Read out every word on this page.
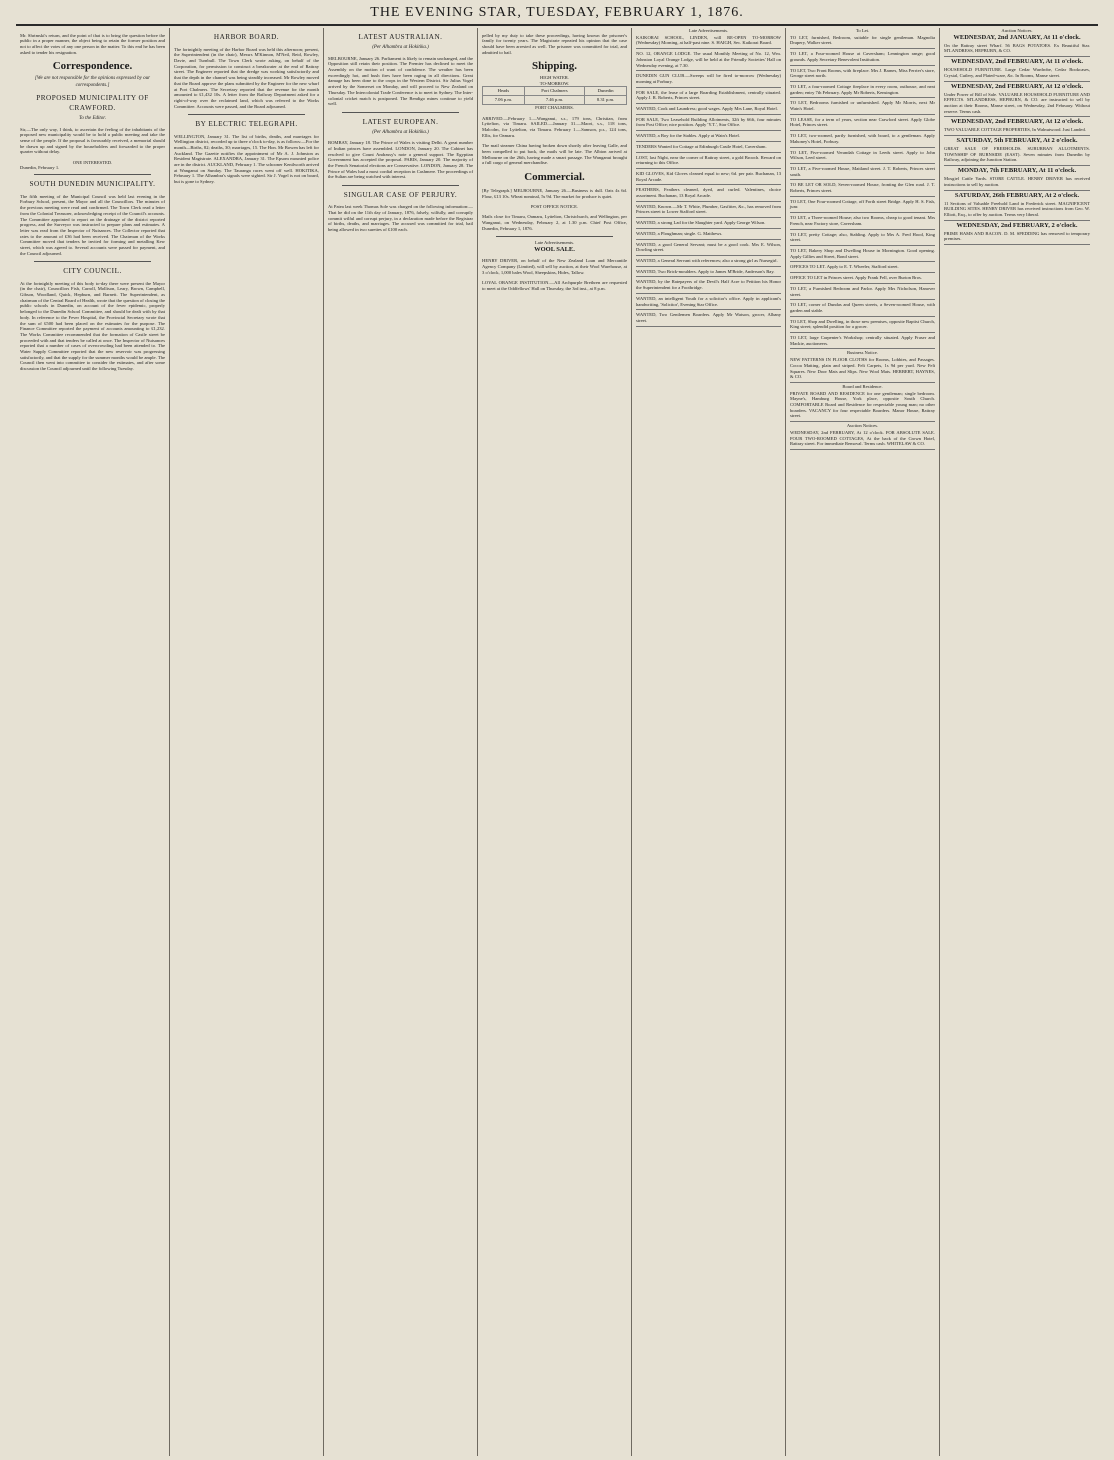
THE EVENING STAR, TUESDAY, FEBRUARY 1, 1876.

Mr. Shrimski's return, and the point of that is to bring the question before the public in a proper manner, the object being to retain the former position and not to affect the votes of any one person in the matter. To this end he has been asked to tender his resignation.

Correspondence.

[We are not responsible for the opinions expressed by our correspondents.]

PROPOSED MUNICIPALITY OF CRAWFORD.
To the Editor.

Sir,—The only way, I think, to ascertain the feeling of the inhabitants of the proposed new municipality would be to hold a public meeting and take the sense of the people. If the proposal is favourably received, a memorial should be drawn up and signed by the householders and forwarded to the proper quarter without delay.

ONE INTERESTED.
Dunedin, February 1.
SOUTH DUNEDIN MUNICIPALITY.

The fifth meeting of the Municipal Council was held last evening in the Forbury School, present, the Mayor and all the Councillors. The minutes of the previous meeting were read and confirmed. The Town Clerk read a letter from the Colonial Treasurer, acknowledging receipt of the Council's accounts. The Committee appointed to report on the drainage of the district reported progress, and the Surveyor was instructed to prepare plans and estimates. A letter was read from the Inspector of Nuisances. The Collector reported that rates to the amount of £36 had been received. The Chairman of the Works Committee moved that tenders be invited for forming and metalling Kew street, which was agreed to. Several accounts were passed for payment, and the Council adjourned.

CITY COUNCIL.

At the fortnightly meeting of this body to-day there were present the Mayor (in the chair), Councillors Fish, Carroll, Mollison, Leary, Brown, Campbell, Gibson, Woodland, Quick, Hepburn, and Barnett. The Superintendent, as chairman of the Central Board of Health, wrote that the question of closing the public schools in Dunedin, on account of the fever epidemic, properly belonged to the Dunedin School Committee, and should be dealt with by that body. In reference to the Fever Hospital, the Provincial Secretary wrote that the sum of £500 had been placed on the estimates for the purpose. The Finance Committee reported the payment of accounts amounting to £1,232. The Works Committee recommended that the formation of Castle street be proceeded with and that tenders be called at once. The Inspector of Nuisances reported that a number of cases of overcrowding had been attended to. The Water Supply Committee reported that the new reservoir was progressing satisfactorily, and that the supply for the summer months would be ample. The Council then went into committee to consider the estimates, and after some discussion the Council adjourned until the following Tuesday.

HARBOR BOARD.

The fortnightly meeting of the Harbor Board was held this afternoon; present, the Superintendent (in the chair), Messrs M'Kinnon, M'Neil, Reid, Rowley, Davie, and Turnbull. The Town Clerk wrote asking, on behalf of the Corporation, for permission to construct a breakwater at the end of Rattray street. The Engineer reported that the dredge was working satisfactorily and that the depth in the channel was being steadily increased. Mr Rowley moved that the Board approve the plans submitted by the Engineer for the new wharf at Port Chalmers. The Secretary reported that the revenue for the month amounted to £1,432 10s. A letter from the Railway Department asked for a right-of-way over the reclaimed land, which was referred to the Works Committee. Accounts were passed, and the Board adjourned.

BY ELECTRIC TELEGRAPH.

WELLINGTON, January 31. The list of births, deaths, and marriages for Wellington district, recorded up to three o'clock to-day, is as follows:—For the month—Births, 82; deaths, 30; marriages, 15. The Hon. Mr Bowen has left for Auckland. The Gazette notifies the appointment of Mr A. J. Johnston as Resident Magistrate. ALEXANDRA, January 31. The Epsom mounted police are in the district. AUCKLAND, February 1. The schooner Kenilworth arrived at Wanganui on Sunday. The Tauranga races went off well. HOKITIKA, February 1. The Alhambra's signals were sighted. Sir J. Vogel is not on board, but is gone to Sydney.

LATEST AUSTRALIAN.
(Per Alhambra at Hokitika.)

MELBOURNE, January 26. Parliament is likely to remain unchanged, and the Opposition still retain their position. The Premier has declined to meet the Assembly on the motion of want of confidence. The weather has been exceedingly hot, and bush fires have been raging in all directions. Great damage has been done to the crops in the Western District. Sir Julius Vogel arrived by the Somerset on Monday, and will proceed to New Zealand on Thursday. The Intercolonial Trade Conference is to meet in Sydney. The Inter-colonial cricket match is postponed. The Bendigo mines continue to yield well.

LATEST EUROPEAN.
(Per Alhambra at Hokitika.)

BOMBAY, January 18. The Prince of Wales is visiting Delhi. A great number of Indian princes have assembled. LONDON, January 20. The Cabinet has resolved to give Count Andrassy's note a general support. The Egyptian Government has accepted the proposal. PARIS, January 20. The majority of the French Senatorial elections are Conservative. LONDON, January 28. The Prince of Wales had a most cordial reception in Cashmere. The proceedings of the Sultan are being watched with interest.

SINGULAR CASE OF PERJURY.

At Patea last week Thomas Sole was charged on the following information:—That he did on the 11th day of January, 1876, falsely, wilfully, and corruptly commit wilful and corrupt perjury, in a declaration made before the Registrar of births, deaths, and marriages. The accused was committed for trial, bail being allowed in two sureties of £100 each.

pelled by my duty to take these proceedings, having known the prisoner's family for twenty years. The Magistrate repeated his opinion that the case should have been arrested as well. The prisoner was committed for trial, and admitted to bail.

Shipping.
HIGH WATER.
TO-MORROW.
Heads	Port Chalmers	Dunedin
7.06 p.m.	7.46 p.m.	8.31 p.m.
PORT CHALMERS.

ARRIVED.—February 1.—Wanganui, s.s., 179 tons, Christian, from Lyttelton, via Timaru. SAILED.—January 31.—Maori, s.s., 118 tons, Malcolm, for Lyttelton, via Timaru. February 1.—Samson, p.s., 124 tons, Ellis, for Oamaru.

The mail steamer China having broken down shortly after leaving Galle, and been compelled to put back, the mails will be late. The Albion arrived at Melbourne on the 26th, having made a smart passage. The Wanganui brought a full cargo of general merchandise.

Commercial.

[By Telegraph.] MELBOURNE, January 26.—Business is dull. Oats 4s 6d. Flour, £13 10s. Wheat nominal, 5s 9d. The market for produce is quiet.

POST OFFICE NOTICE.

Mails close for Timaru, Oamaru, Lyttelton, Christchurch, and Wellington, per Wanganui, on Wednesday, February 2, at 1.30 p.m. Chief Post Office, Dunedin, February 1, 1876.

Late Advertisements.
WOOL SALE.

HENRY DRIVER, on behalf of the New Zealand Loan and Mercantile Agency Company (Limited), will sell by auction, at their Wool Warehouse, at 3 o'clock, 1,000 bales Wool, Sheepskins, Hides, Tallow.

LOYAL ORANGE INSTITUTION.—All Archpurple Brethren are requested to meet at the Oddfellows' Hall on Thursday, the 3rd inst., at 8 p.m.

Late Advertisements.
KAIKORAI SCHOOL, LINDEN, will RE-OPEN TO-MORROW (Wednesday) Morning, at half-past nine. S. HAIGH, Sec. Kaikorai Board.
NO. 12, ORANGE LODGE. The usual Monthly Meeting of No. 12, Wm. Johnston Loyal Orange Lodge, will be held at the Friendly Societies' Hall on Wednesday evening, at 7.30.
DUNEDIN GUN CLUB.—Sweeps will be fired to-morrow (Wednesday) morning at Forbury.
FOR SALE, the lease of a large Boarding Establishment, centrally situated. Apply J. R. Roberts, Princes street.
WANTED, Cook and Laundress; good wages. Apply Mrs Lane, Royal Hotel.
FOR SALE, Two Leasehold Building Allotments, 32ft by 66ft, four minutes from Post Office; nice position. Apply 'Y.T.', Star Office.
WANTED, a Boy for the Stables. Apply at Wain's Hotel.
TENDERS Wanted for Cottage at Edinburgh Castle Hotel, Caversham.
LOST, last Night, near the corner of Rattray street, a gold Brooch. Reward on returning to this Office.
KID GLOVES, Kid Gloves cleaned equal to new; 6d. per pair. Buchanan, 13 Royal Arcade.
FEATHERS, Feathers cleaned, dyed, and curled. Valentines, choice assortment. Buchanan, 13 Royal Arcade.
WANTED, Known.—Mr T. White, Plumber, Gasfitter, &c., has removed from Princes street to Lower Stafford street.
WANTED, a strong Lad for the Slaughter yard. Apply George Wilson.
WANTED, a Ploughman; single. G. Matthews.
WANTED, a good General Servant; must be a good cook. Mrs E. Wilson, Dowling street.
WANTED, a General Servant with references; also a strong girl as Nursegirl.
WANTED, Two Brick-moulders. Apply to James M'Bride, Anderson's Bay.
WANTED, by the Ratepayers of the Devil's Half Acre to Petition his Honor the Superintendent for a Footbridge.
WANTED, an intelligent Youth for a solicitor's office. Apply in applicant's handwriting, 'Solicitor', Evening Star Office.
WANTED, Two Gentlemen Boarders. Apply Mr Watson, grocer, Albany street.
To Let.
TO LET, furnished, Bedroom, suitable for single gentleman. Magnolia Drapery, Walker street.
TO LET, a Four-roomed House at Caversham; Lennington range; good grounds. Apply Secretary Benevolent Institution.
TO LET, Two Front Rooms, with fireplace. Mrs J. Barnes, Miss Ferrier's store, George street north.
TO LET, a four-roomed Cottage fireplace in every room, outhouse, and neat garden; entry 7th February. Apply Mr Roberts, Kensington.
TO LET, Bedrooms furnished or unfurnished. Apply Mr Morris, next Mr Wain's Hotel.
TO LEASE, for a term of years, section near Crawford street. Apply Globe Hotel, Princes street.
TO LET, two-roomed, partly furnished, with board, to a gentleman. Apply Mahoney's Hotel, Forbury.
TO LET, Five-roomed Verandah Cottage in Leeds street. Apply to John Wilson, Leed street.
TO LET, a Five-roomed House, Maitland street. J. T. Roberts, Princes street south.
TO BE LET OR SOLD, Seven-roomed House, fronting the Glen road. J. T. Roberts, Princes street.
TO LET, One Four-roomed Cottage, off Forth street Bridge. Apply H. S. Fish, junr.
TO LET, a Three-roomed House; also two Rooms, cheap to good tenant. Mrs French, near Factory store, Caversham.
TO LET, pretty Cottage; also, Stabling. Apply to Mrs A. Fred Hood, King street.
TO LET, Bakery Shop and Dwelling House in Mornington. Good opening. Apply Gillies and Street, Bond street.
OFFICES TO LET. Apply to E. T. Wheeler, Stafford street.
OFFICE TO LET in Princes street. Apply Frank Fell, over Burton Bros.
TO LET, a Furnished Bedroom and Parlor. Apply Mrs Nicholson, Hanover street.
TO LET, corner of Dundas and Queen streets, a Seven-roomed House, with garden and stable.
TO LET, Shop and Dwelling, in those new premises, opposite Baptist Church, King street; splendid position for a grocer.
TO LET, large Carpenter's Workshop; centrally situated. Apply Fraser and Mackie, auctioneers.
Business Notice.
NEW PATTERNS IN FLOOR CLOTHS for Rooms, Lobbies, and Passages. Cocoa Matting, plain and striped. Felt Carpets, 1s 9d per yard. New Felt Squares. New Door Mats and Slips. New Wool Mats. HERBERT, HAYNES, & CO.
Board and Residence.
PRIVATE BOARD AND RESIDENCE for one gentleman; single bedroom. Mayne's, Hamburg House, York place, opposite South Church. COMFORTABLE Board and Residence for respectable young man; no other boarders. VACANCY for four respectable Boarders. Manor House, Rattray street.
Auction Notices.
WEDNESDAY, 2nd FEBRUARY, At 12 o'clock. FOR ABSOLUTE SALE. FOUR TWO-ROOMED COTTAGES, At the back of the Crown Hotel, Rattray street. For immediate Removal. Terms cash. WHITELAW & CO.
Auction Notices.
WEDNESDAY, 2nd JANUARY, At 11 o'clock.
On the Rattray street Wharf. 56 BAGS POTATOES. Ex Beautiful Star. M'LANDRESS, HEPBURN, & CO.
WEDNESDAY, 2nd FEBRUARY, At 11 o'clock.
HOUSEHOLD FURNITURE. Large Cedar Wardrobe, Cedar Bookcases, Crystal, Cutlery, and Plated-ware, &c. In Rooms, Manse street.
WEDNESDAY, 2nd FEBRUARY, At 12 o'clock.
Under Power of Bill of Sale. VALUABLE HOUSEHOLD FURNITURE AND EFFECTS. M'LANDRESS, HEPBURN, & CO. are instructed to sell by auction at their Rooms, Manse street, on Wednesday, 2nd February. Without reserve. Terms cash.
WEDNESDAY, 2nd FEBRUARY, At 12 o'clock.
TWO VALUABLE COTTAGE PROPERTIES, In Walnutwood. Just Landed.
SATURDAY, 5th FEBRUARY, At 2 o'clock.
GREAT SALE OF FREEHOLDS. SUBURBAN ALLOTMENTS. TOWNSHIP OF BURNSIDE (EAST). Seven minutes from Dunedin by Railway, adjoining the Junction Station.
MONDAY, 7th FEBRUARY, At 11 o'clock.
Mosgiel Cattle Yards. STORE CATTLE. HENRY DRIVER has received instructions to sell by auction.
SATURDAY, 26th FEBRUARY, At 2 o'clock.
11 Sections of Valuable Freehold Land in Frederick street. MAGNIFICENT BUILDING SITES. HENRY DRIVER has received instructions from Geo. W. Elliott, Esq., to offer by auction. Terms very liberal.
WEDNESDAY, 2nd FEBRUARY, 2 o'clock.
PRIME HAMS AND BACON. D. M. SPEDDING has removed to temporary premises.
